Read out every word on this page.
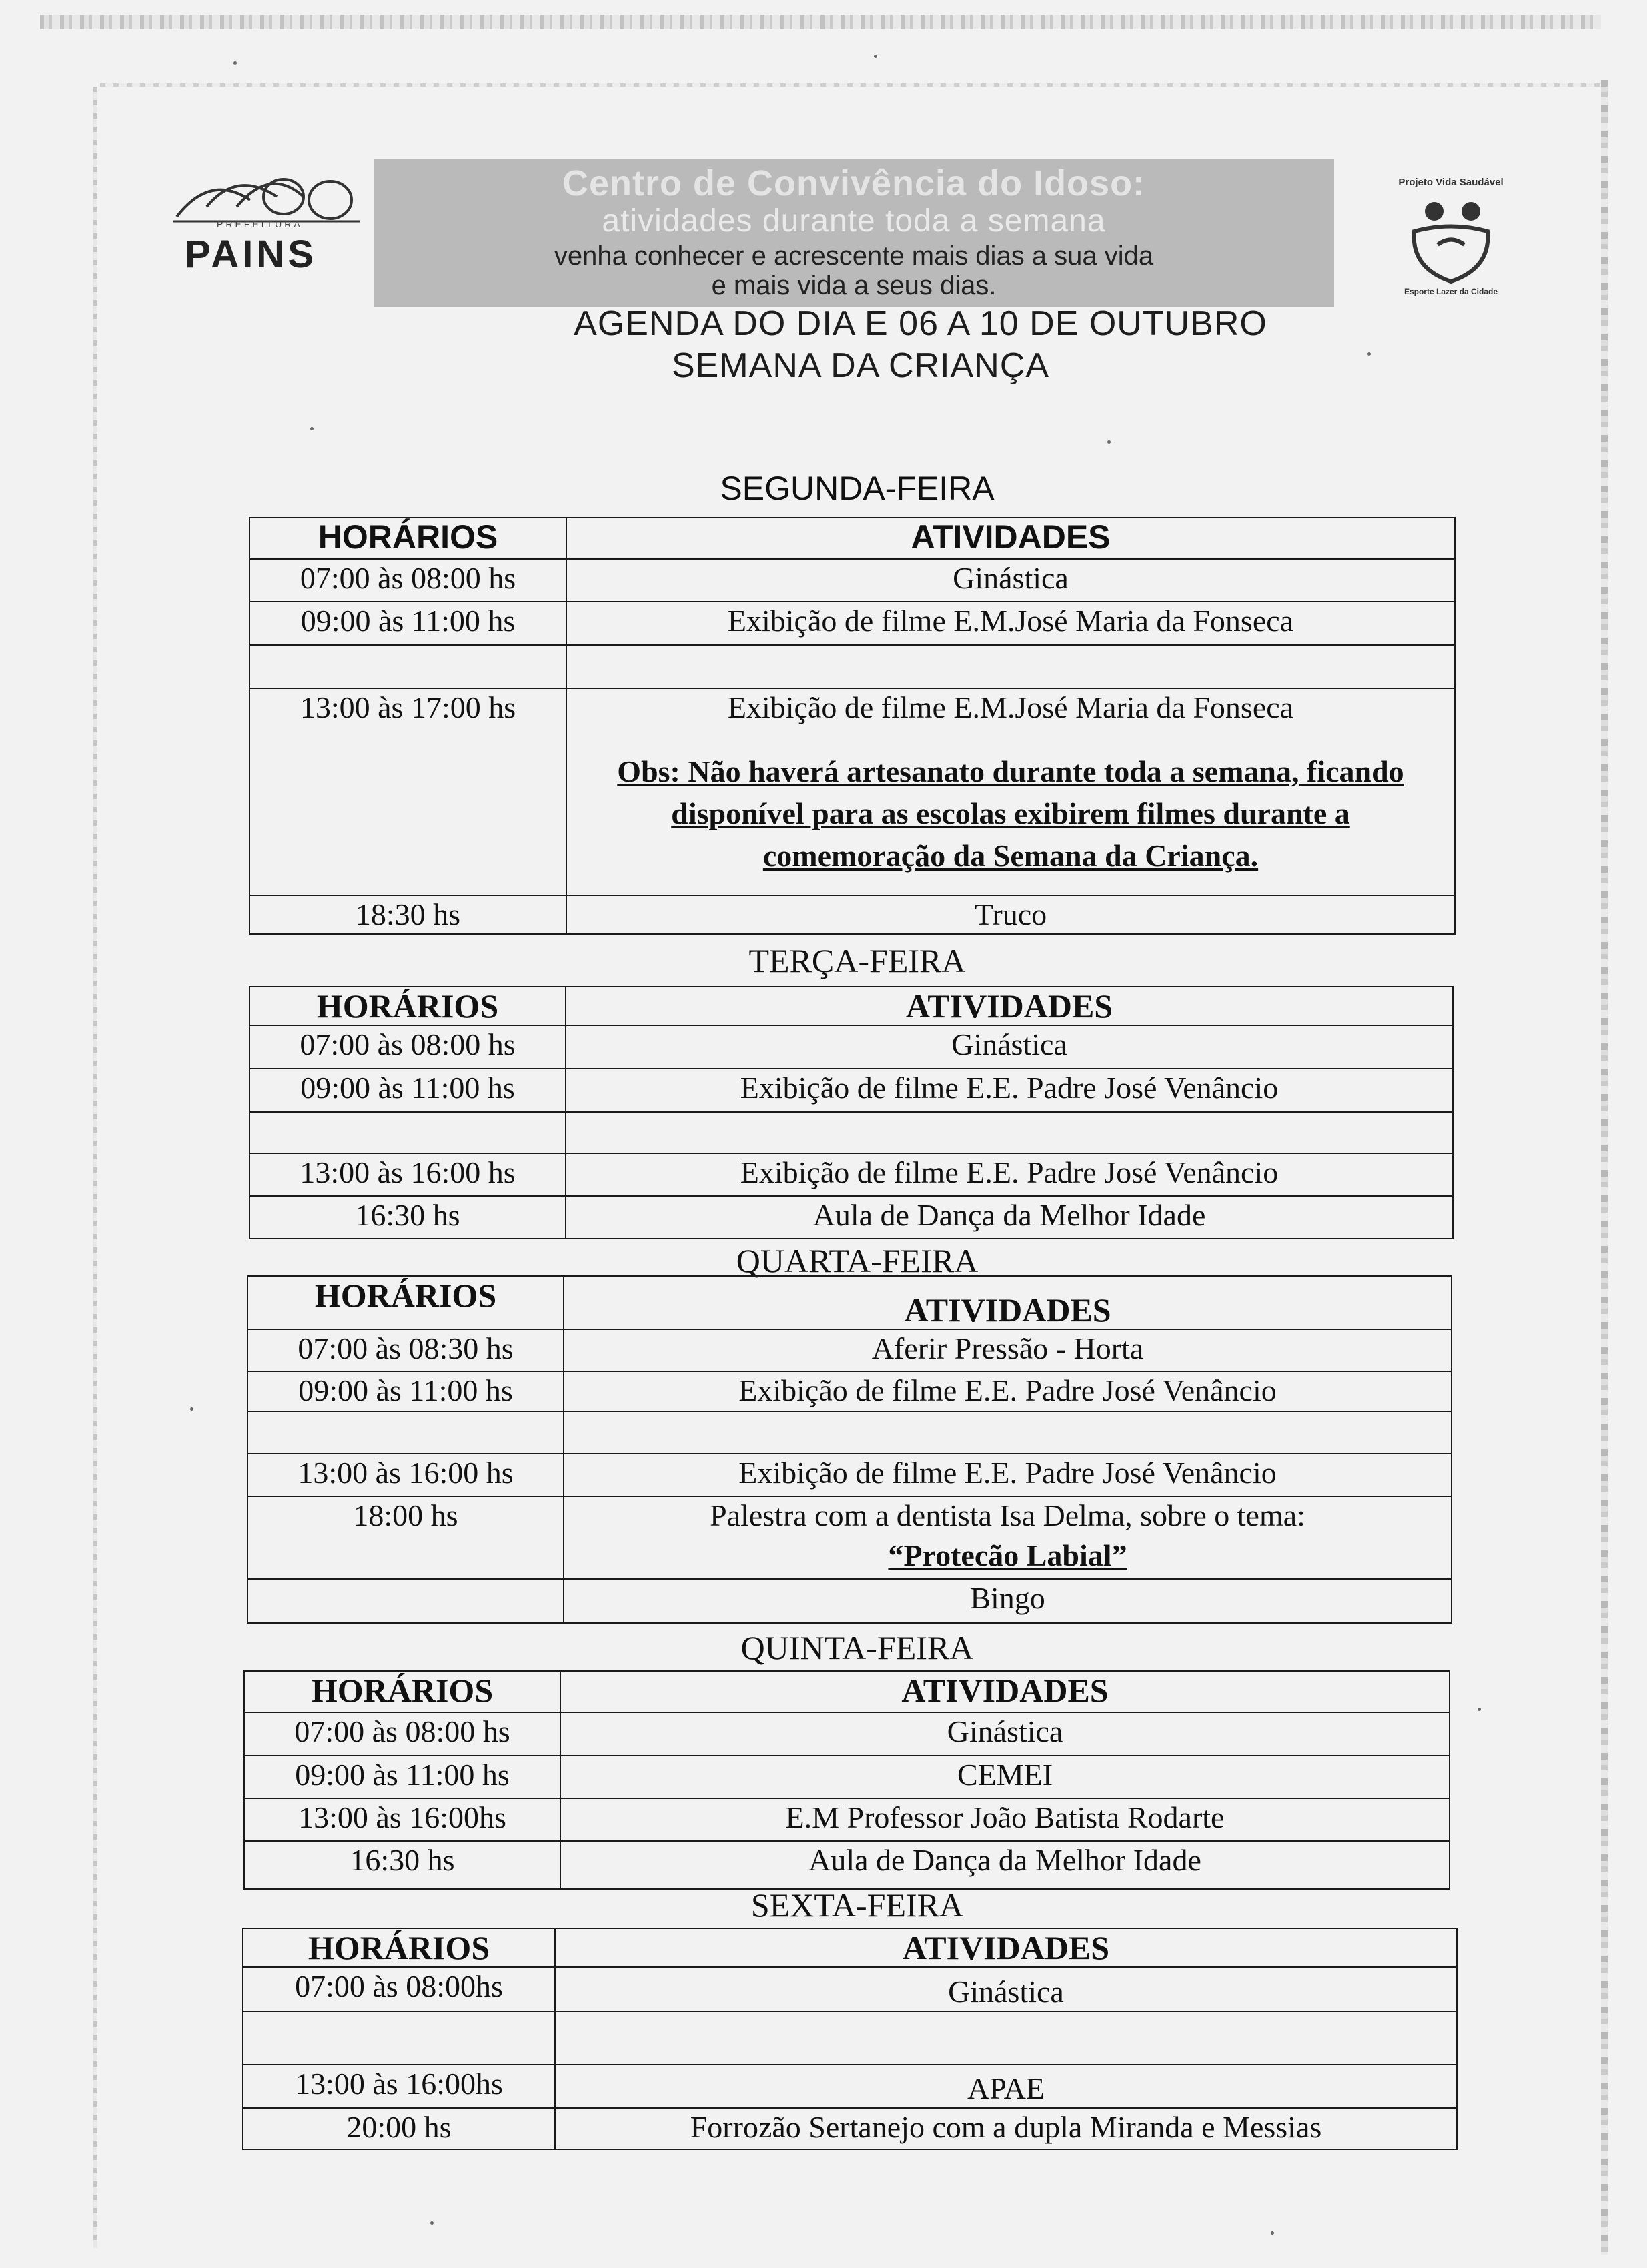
PREFEITURA
PAINS
Centro de Convivência do Idoso:
atividades durante toda a semana
venha conhecer e acrescente mais dias a sua vida
e mais vida a seus dias.
Projeto Vida Saudável
Esporte Lazer da Cidade
AGENDA DO DIA E 06 A 10 DE OUTUBRO
SEMANA DA CRIANÇA
SEGUNDA-FEIRA
HORÁRIOS	ATIVIDADES
07:00 às 08:00 hs	Ginástica
09:00 às 11:00 hs	Exibição de filme E.M.José Maria da Fonseca

13:00 às 17:00 hs	Exibição de filme E.M.José Maria da Fonseca
Obs: Não haverá artesanato durante toda a semana, ficando disponível para as escolas exibirem filmes durante a comemoração da Semana da Criança.

18:30 hs	Truco
TERÇA-FEIRA
HORÁRIOS	ATIVIDADES
07:00 às 08:00 hs	Ginástica
09:00 às 11:00 hs	Exibição de filme E.E. Padre José Venâncio

13:00 às 16:00 hs	Exibição de filme E.E. Padre José Venâncio
16:30 hs	Aula de Dança da Melhor Idade
QUARTA-FEIRA
HORÁRIOS	ATIVIDADES
07:00 às 08:30 hs	Aferir Pressão - Horta
09:00 às 11:00 hs	Exibição de filme E.E. Padre José Venâncio

13:00 às 16:00 hs	Exibição de filme E.E. Padre José Venâncio
18:00 hs	Palestra com a dentista Isa Delma, sobre o tema:
“Protecão Labial”

	Bingo
QUINTA-FEIRA
HORÁRIOS	ATIVIDADES
07:00 às 08:00 hs	Ginástica
09:00 às 11:00 hs	CEMEI
13:00 às 16:00hs	E.M Professor João Batista Rodarte
16:30 hs	Aula de Dança da Melhor Idade
SEXTA-FEIRA
HORÁRIOS	ATIVIDADES
07:00 às 08:00hs	Ginástica

13:00 às 16:00hs	APAE
20:00 hs	Forrozão Sertanejo com a dupla Miranda e Messias
